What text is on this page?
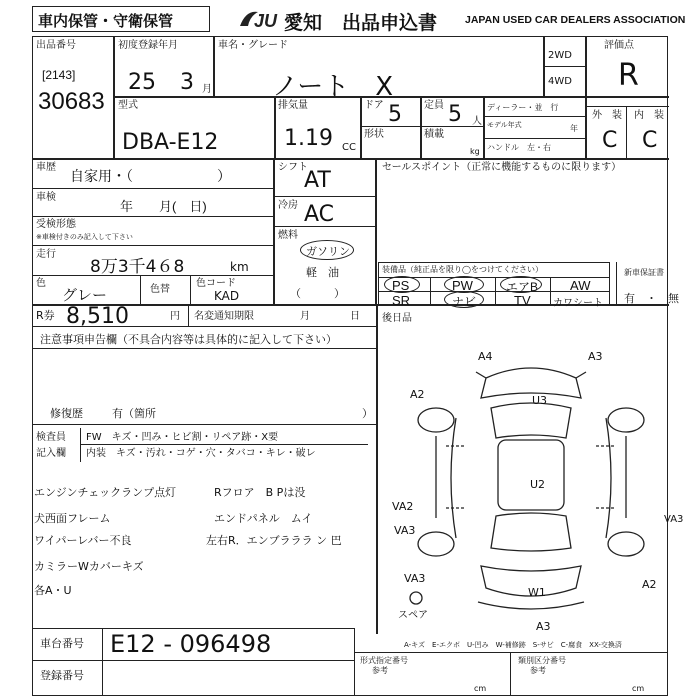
車内保管・守衛保管	JU 愛知 出品申込書	JAPAN USED CAR DEALERS ASSOCIATION
出品番号
[2143]
30683
初度登録年月
25 3 月
車名・グレード
ノート　X
2WD
4WD
評価点
R
型式
DBA-E12
排気量
1.19 CC
ドア 5 定員 5 人
形状	積載
kg
ディーラー・並　行
モデル年式	年
ハンドル　左・右
外　装 内　装
C C
車歴
自家用・（　　　　　　）
車検
年　　月(　日)
受検形態
※車検付きのみ記入して下さい
走行
8万3千4６8	km
色
グレー	色替
色コード
KAD
シフト
AT
冷房 AC
燃料
ガソリン
軽　油
（　　　）
セールスポイント（正常に機能するものに限ります）
装備品（純正品を限り◯をつけてください）
PS	PW	エアB AW
SR	ナビ	TV カワシート
新車保証書
有　・　無
R券 8,510	円 名変通知期限	月	日 後日品
注意事項申告欄（不具合内容等は具体的に記入して下さい）
修復歴	有（箇所	）
検査員
記入欄
FW　キズ・凹み・ヒビ割・リペア跡・X要
内装　キズ・汚れ・コゲ・穴・タバコ・キレ・破レ
エンジンチェックランプ点灯	Rフロア　B Pは没
犬西面フレーム	エンドパネル　ムイ
ワイパーレバー不良	左右R．エンブラララ ン 巴
カミラーWカバーキズ
各A・U
A4	A3
A2	U3
U2
VA2
VA3
VA3
VA3
W1
A2
A3
スペア
A-キズ　E-エクボ　U-凹み　W-補修跡　S-サビ　C-腐食　XX-交換済
車台番号 E12 - 096498
登録番号
形式指定番号
参考
類別区分番号
参考
cm	cm
